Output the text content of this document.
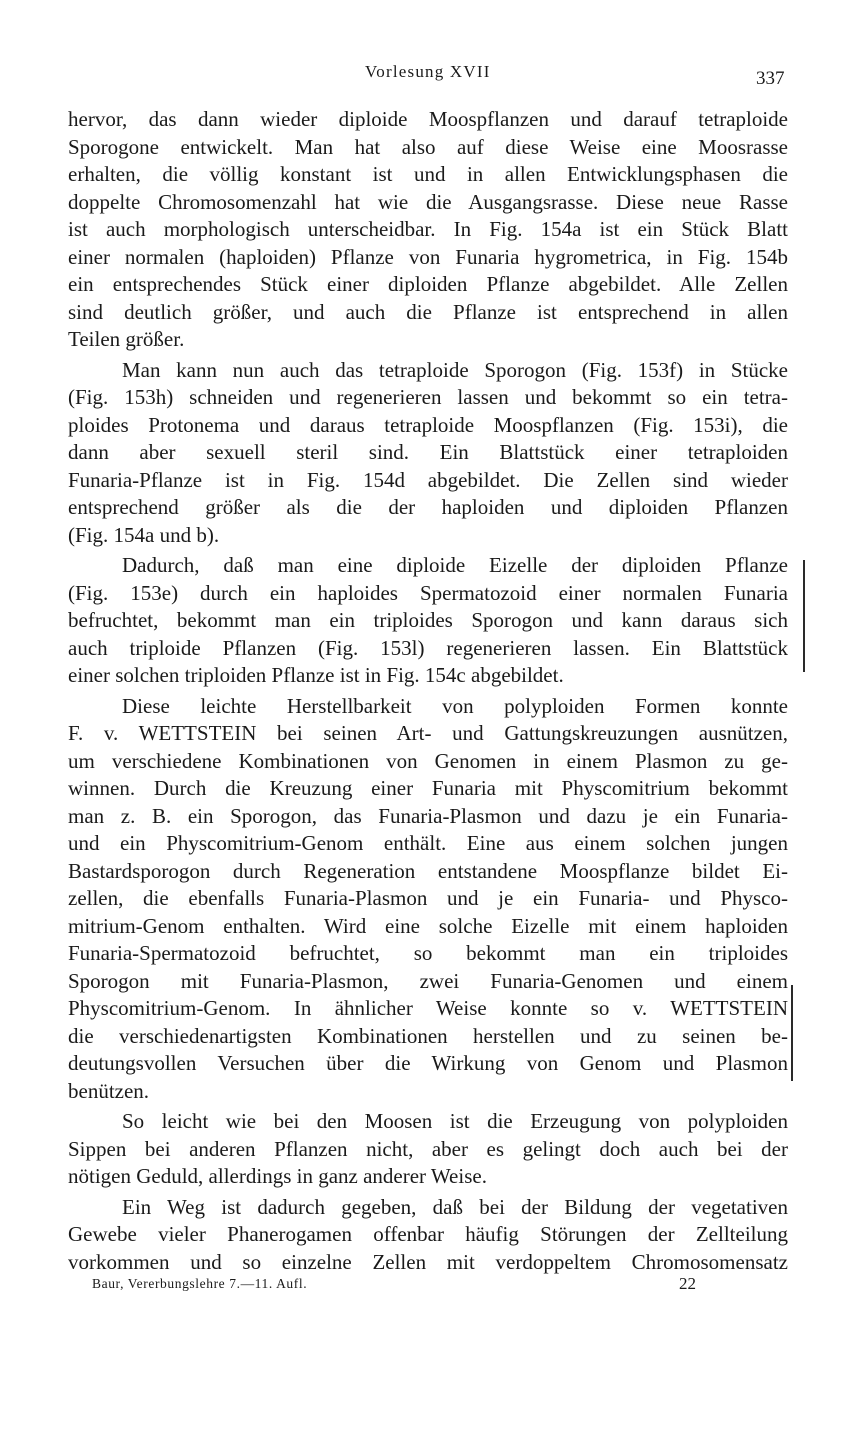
Vorlesung XVII	337
hervor, das dann wieder diploide Moospflanzen und darauf tetraploide
Sporogone entwickelt. Man hat also auf diese Weise eine Moosrasse
erhalten, die völlig konstant ist und in allen Entwicklungsphasen die
doppelte Chromosomenzahl hat wie die Ausgangsrasse. Diese neue Rasse
ist auch morphologisch unterscheidbar. In Fig. 154a ist ein Stück Blatt
einer normalen (haploiden) Pflanze von Funaria hygrometrica, in Fig. 154b
ein entsprechendes Stück einer diploiden Pflanze abgebildet. Alle Zellen
sind deutlich größer, und auch die Pflanze ist entsprechend in allen
Teilen größer.
Man kann nun auch das tetraploide Sporogon (Fig. 153f) in Stücke
(Fig. 153h) schneiden und regenerieren lassen und bekommt so ein tetra-
ploides Protonema und daraus tetraploide Moospflanzen (Fig. 153i), die
dann aber sexuell steril sind. Ein Blattstück einer tetraploiden
Funaria-Pflanze ist in Fig. 154d abgebildet. Die Zellen sind wieder
entsprechend größer als die der haploiden und diploiden Pflanzen
(Fig. 154a und b).
Dadurch, daß man eine diploide Eizelle der diploiden Pflanze
(Fig. 153e) durch ein haploides Spermatozoid einer normalen Funaria
befruchtet, bekommt man ein triploides Sporogon und kann daraus sich
auch triploide Pflanzen (Fig. 153l) regenerieren lassen. Ein Blattstück
einer solchen triploiden Pflanze ist in Fig. 154c abgebildet.
Diese leichte Herstellbarkeit von polyploiden Formen konnte
F. v. WETTSTEIN bei seinen Art- und Gattungskreuzungen ausnützen,
um verschiedene Kombinationen von Genomen in einem Plasmon zu ge-
winnen. Durch die Kreuzung einer Funaria mit Physcomitrium bekommt
man z. B. ein Sporogon, das Funaria-Plasmon und dazu je ein Funaria-
und ein Physcomitrium-Genom enthält. Eine aus einem solchen jungen
Bastardsporogon durch Regeneration entstandene Moospflanze bildet Ei-
zellen, die ebenfalls Funaria-Plasmon und je ein Funaria- und Physco-
mitrium-Genom enthalten. Wird eine solche Eizelle mit einem haploiden
Funaria-Spermatozoid befruchtet, so bekommt man ein triploides
Sporogon mit Funaria-Plasmon, zwei Funaria-Genomen und einem
Physcomitrium-Genom. In ähnlicher Weise konnte so v. WETTSTEIN
die verschiedenartigsten Kombinationen herstellen und zu seinen be-
deutungsvollen Versuchen über die Wirkung von Genom und Plasmon
benützen.
So leicht wie bei den Moosen ist die Erzeugung von polyploiden
Sippen bei anderen Pflanzen nicht, aber es gelingt doch auch bei der
nötigen Geduld, allerdings in ganz anderer Weise.
Ein Weg ist dadurch gegeben, daß bei der Bildung der vegetativen
Gewebe vieler Phanerogamen offenbar häufig Störungen der Zellteilung
vorkommen und so einzelne Zellen mit verdoppeltem Chromosomensatz
Baur, Vererbungslehre 7.—11. Aufl.	22
